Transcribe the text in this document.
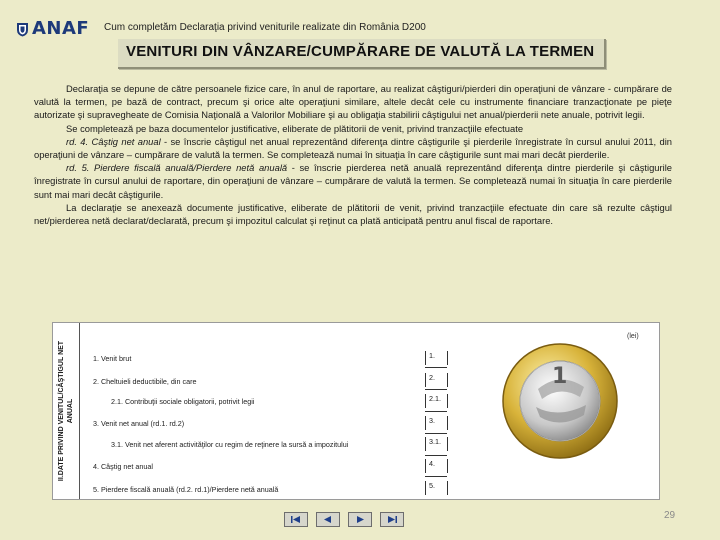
ANAF Cum completăm Declaraţia privind veniturile realizate din România D200
VENITURI DIN VÂNZARE/CUMPĂRARE DE VALUTĂ LA TERMEN

Declaraţia se depune de către persoanele fizice care, în anul de raportare, au realizat câştiguri/pierderi din operaţiuni de vânzare - cumpărare de valută la termen, pe bază de contract, precum şi orice alte operaţiuni similare, altele decât cele cu instrumente financiare tranzacţionate pe pieţe autorizate şi supravegheate de Comisia Naţională a Valorilor Mobiliare şi au obligaţia stabilirii câştigului net anual/pierderii nete anuale, potrivit legii.

Se completează pe baza documentelor justificative, eliberate de plătitorii de venit, privind tranzacţiile efectuate

rd. 4. Câştig net anual - se înscrie câştigul net anual reprezentând diferenţa dintre câştigurile şi pierderile înregistrate în cursul anului 2011, din operaţiuni de vânzare – cumpărare de valută la termen. Se completează numai în situaţia în care câştigurile sunt mai mari decât pierderile.

rd. 5. Pierdere fiscală anuală/Pierdere netă anuală - se înscrie pierderea netă anuală reprezentând diferenţa dintre pierderile şi câştigurile înregistrate în cursul anului de raportare, din operaţiuni de vânzare – cumpărare de valută la termen. Se completează numai în situaţia în care pierderile sunt mai mari decât câştigurile.

La declaraţie se anexează documente justificative, eliberate de plătitorii de venit, privind tranzacţiile efectuate din care să rezulte câştigul net/pierderea netă declarat/declarată, precum şi impozitul calculat şi reţinut ca plată anticipată pentru anul fiscal de raportare.

II.DATE PRIVIND VENITUL/CÂŞTIGUL NET ANUAL
(lei)
1. Venit brut
2. Cheltuieli deductibile, din care
2.1. Contribuţii sociale obligatorii, potrivit legii
3. Venit net anual (rd.1. rd.2)
3.1. Venit net aferent activităţilor cu regim de reţinere la sursă a impozitului
4. Câştig net anual
5. Pierdere fiscală anuală (rd.2. rd.1)/Pierdere netă anuală
1.
2.
2.1.
3.
3.1.
4.
5.
1
29
